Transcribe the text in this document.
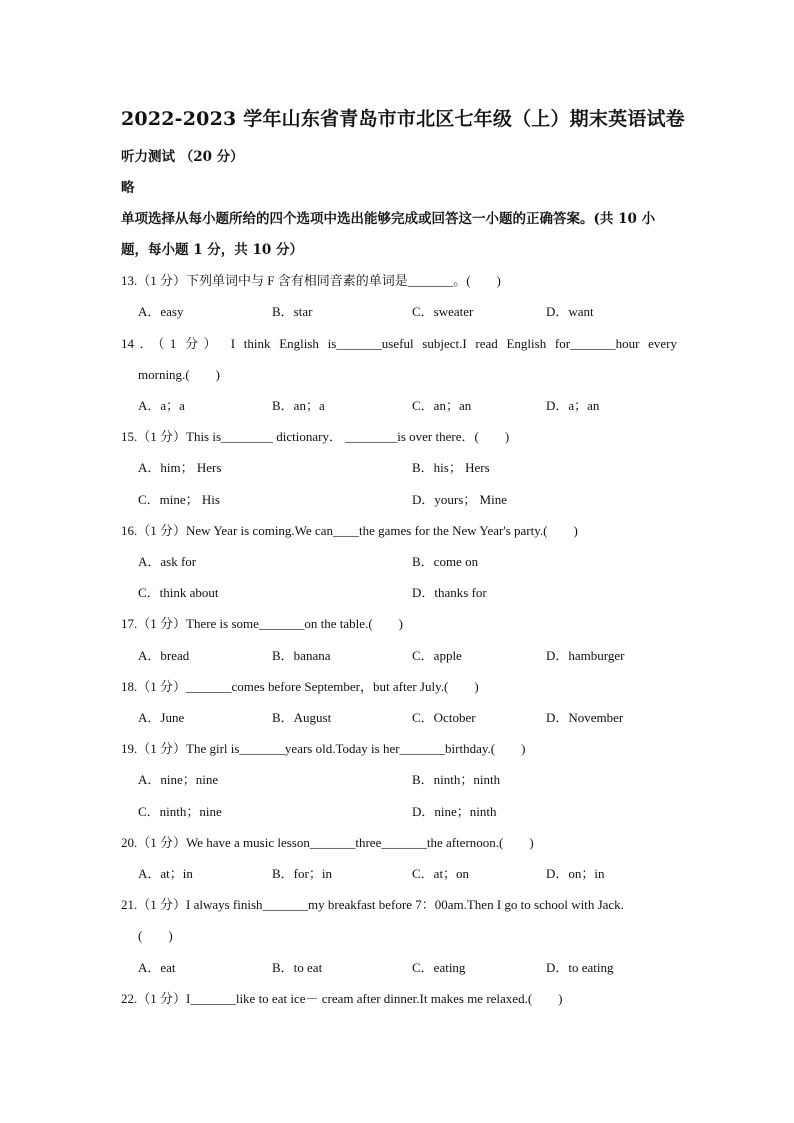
2022-2023 学年山东省青岛市市北区七年级（上）期末英语试卷
听力测试 （20 分）
略
单项选择从每小题所给的四个选项中选出能够完成或回答这一小题的正确答案。(共 10 小
题，每小题 1 分，共 10 分）
13.（1 分）下列单词中与 F 含有相同音素的单词是_______。(　　)
A．easy	B．star	C．sweater	D．want
14．（1 分） I think English is_______useful subject.I read English for_______hour every
morning.(　　)
A．a；a	B．an；a	C．an；an	D．a；an
15.（1 分）This is________ dictionary． ________is over there．(　　)
A．him； Hers	B．his； Hers
C．mine； His	D．yours； Mine
16.（1 分）New Year is coming.We can____the games for the New Year's party.(　　)
A．ask for	B．come on
C．think about	D．thanks for
17.（1 分）There is some_______on the table.(　　)
A．bread	B．banana	C．apple	D．hamburger
18.（1 分）_______comes before September，but after July.(　　)
A．June	B．August	C．October	D．November
19.（1 分）The girl is_______years old.Today is her_______birthday.(　　)
A．nine；nine	B．ninth；ninth
C．ninth；nine	D．nine；ninth
20.（1 分）We have a music lesson_______three_______the afternoon.(　　)
A．at；in	B．for；in	C．at；on	D．on；in
21.（1 分）I always finish_______my breakfast before 7：00am.Then I go to school with Jack.
(　　)
A．eat	B．to eat	C．eating	D．to eating
22.（1 分）I_______like to eat ice－ cream after dinner.It makes me relaxed.(　　)
